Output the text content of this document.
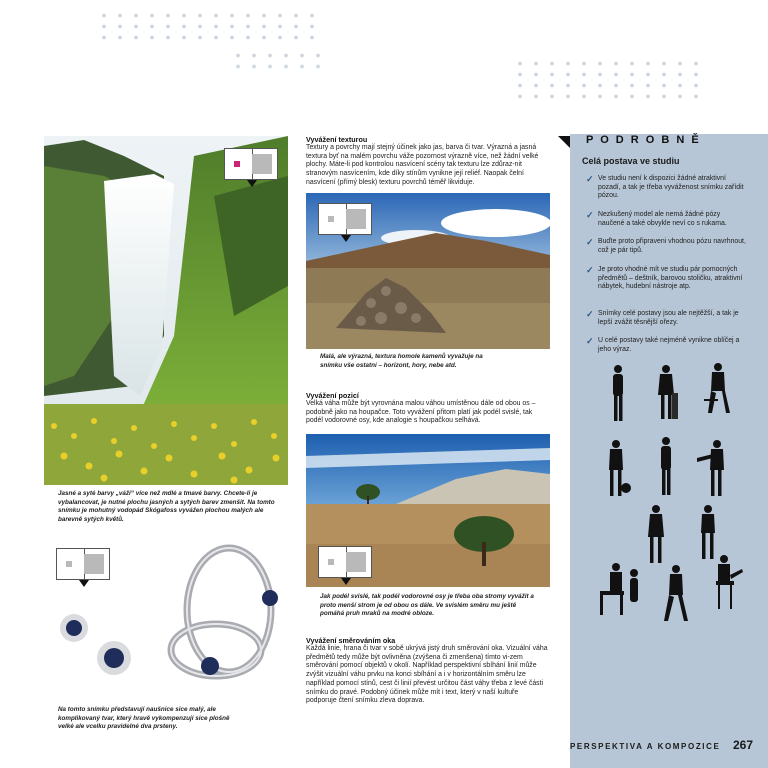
Jasné a syté barvy „váží“ více než mdlé a tmavé barvy. Chcete-li je vybalancovat, je nutné plochu jasných a sytých barev zmenšit. Na tomto snímku je mohutný vodopád Skógafoss vyvážen plochou malých ale barevně sytých květů.
Na tomto snímku představují naušnice sice malý, ale komplikovaný tvar, který hravě vykompenzují sice plošně velké ale vcelku pravidelné dva prsteny.
Vyvážení texturou
Textury a povrchy mají stejný účinek jako jas, barva či tvar. Výrazná a jasná textura byť na malém povrchu váže pozornost výrazně více, než žádní velké plochy. Máte-li pod kontrolou nasvícení scény tak texturu lze zdůraz-nit stranovým nasvícením, kde díky stínům vynikne její reliéf. Naopak čelní nasvícení (přímý blesk) texturu povrchů téměř likviduje.
Malá, ale výrazná, textura homole kamenů vyvažuje na snímku vše ostatní – horizont, hory, nebe atd.
Vyvážení pozicí
Velká váha může být vyrovnána malou váhou umístěnou dále od obou os – podobně jako na houpačce. Toto vyvážení přitom platí jak podél svislé, tak podél vodorovné osy, kde analogie s houpačkou selhává.
Jak podél svislé, tak podél vodorovné osy je třeba oba stromy vyvážit a proto menší strom je od obou os dále. Ve svislém směru mu ještě pomáhá pruh mraků na modré obloze.
Vyvážení směrováním oka
Každá linie, hrana či tvar v sobě ukrývá jistý druh směrování oka. Vizuální váha předmětů tedy může být ovlivněna (zvýšena či zmenšena) tímto vi-zem směrování pomocí objektů v okolí. Například perspektivní sbíhání linií může zvýšit vizuální váhu prvku na konci sbíhání a i v horizontálním směru lze například pomocí stínů, cest či linií převést určitou část váhy třeba z levé části snímku do pravé. Podobný účinek může mít i text, který v naší kultuře podporuje čtení snímku zleva doprava.
P O D R O B N Ě
Celá postava ve studiu
✓ Ve studiu není k dispozici žádné atraktivní pozadí, a tak je třeba vyváženost snímku zařídit pózou.
✓ Nezkušený model ale nemá žádné pózy naučené a také obvykle neví co s rukama.
✓ Buďte proto připraveni vhodnou pózu navrhnout, což je pár tipů.
✓ Je proto vhodné mít ve studiu pár pomocných předmětů – deštník, barovou stoličku, atraktivní nábytek, hudební nástroje atp.
✓ Snímky celé postavy jsou ale nejtěžší, a tak je lepší zvážit těsnější ořezy.
✓ U celé postavy také nejméně vynikne oblíčej a jeho výraz.
PERSPEKTIVA A KOMPOZICE 267
